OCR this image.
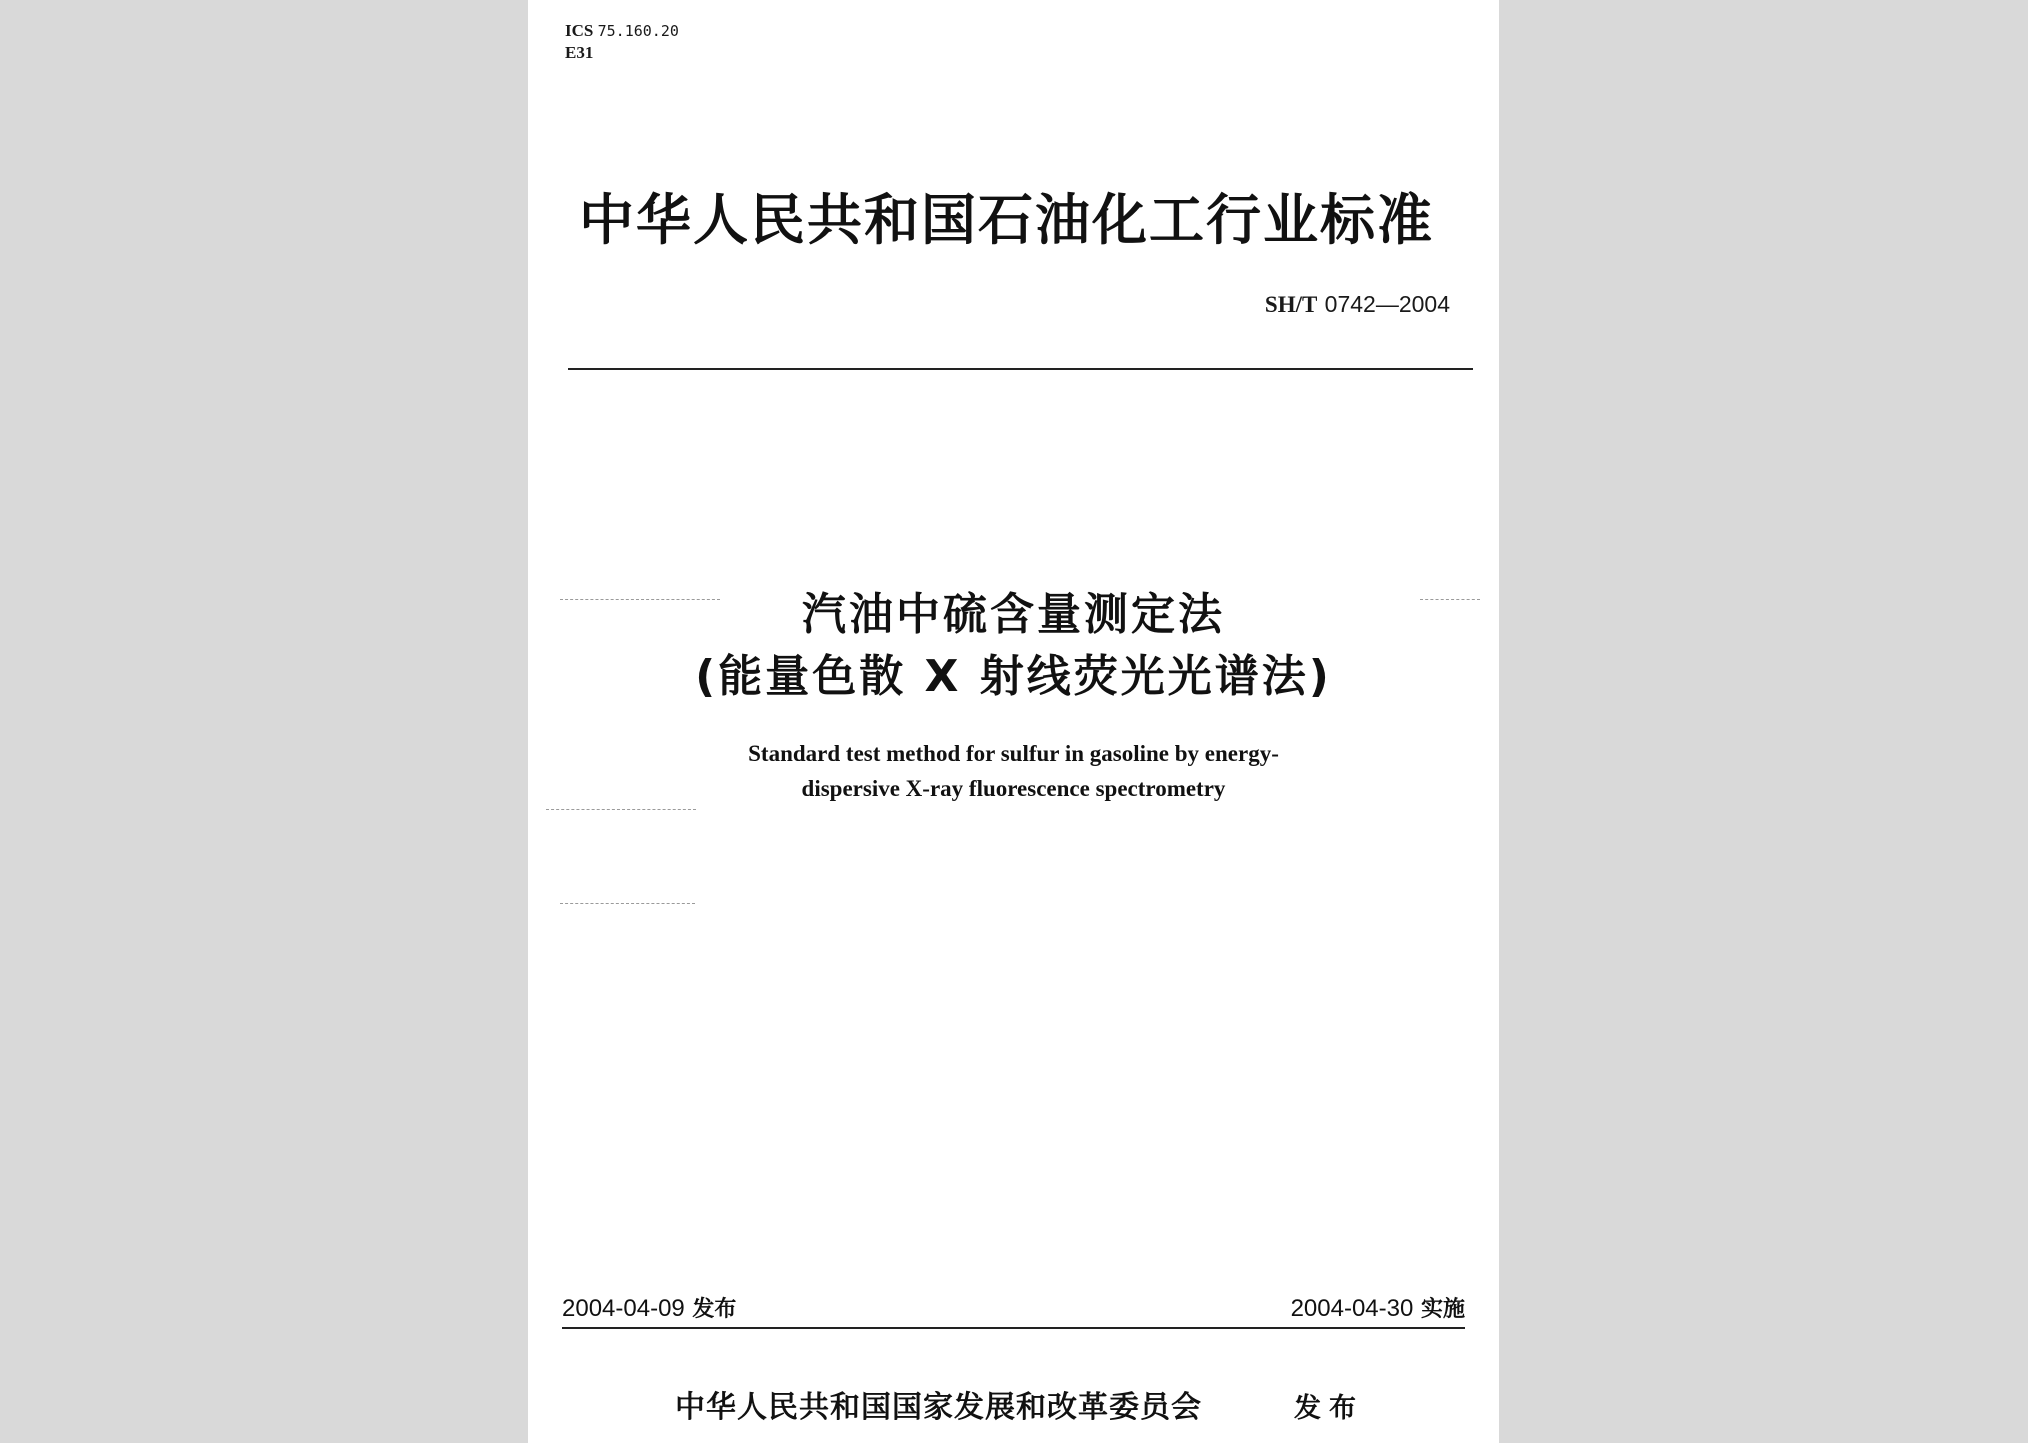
ICS 75.160.20
E31
中华人民共和国石油化工行业标准
SH/T 0742—2004
汽油中硫含量测定法
(能量色散 X 射线荧光光谱法)
Standard test method for sulfur in gasoline by energy-
dispersive X-ray fluorescence spectrometry
2004-04-09 发布	2004-04-30 实施
中华人民共和国国家发展和改革委员会	发布
